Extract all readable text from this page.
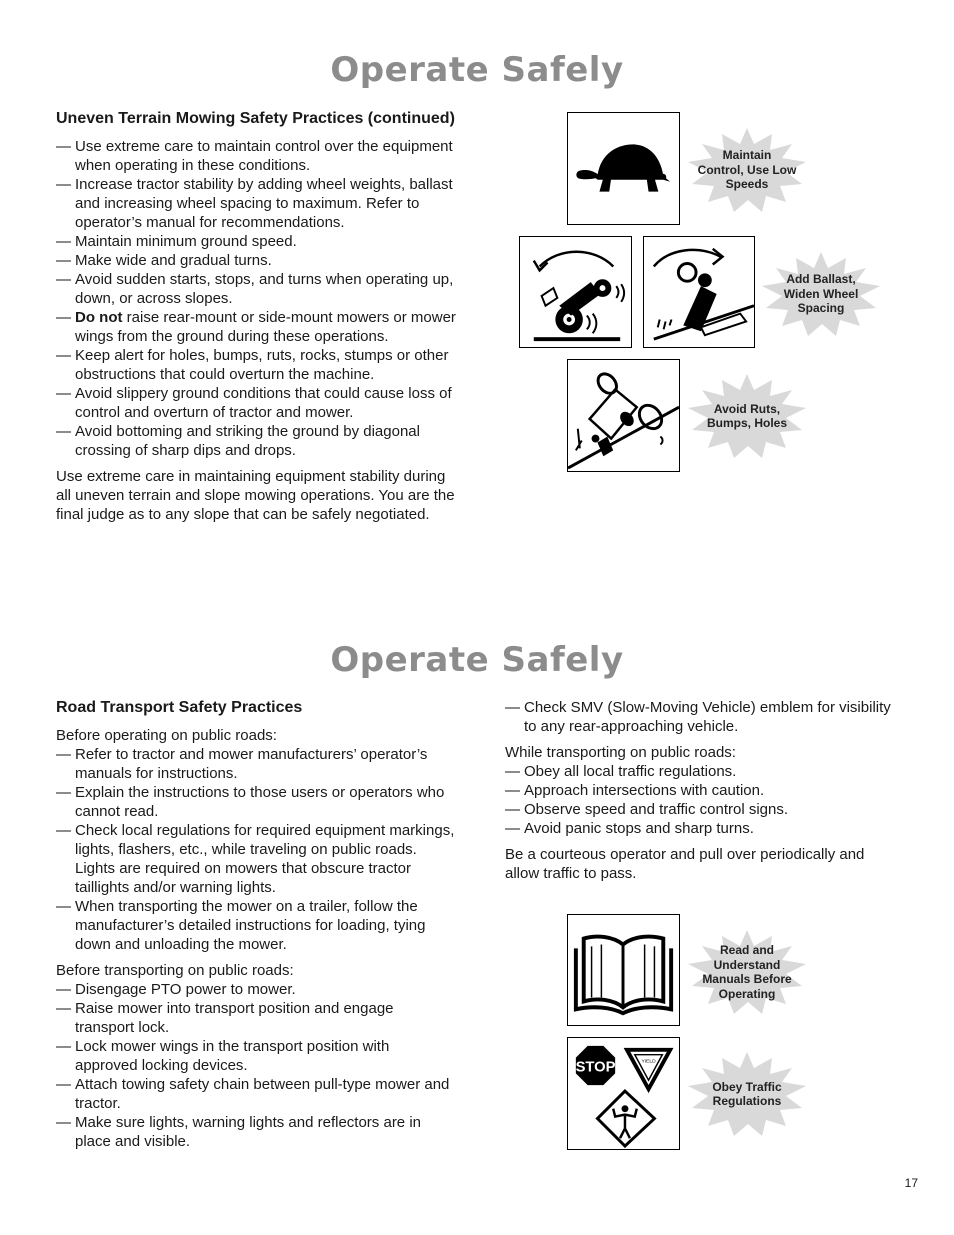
Operate Safely
Uneven Terrain Mowing Safety Practices (continued)
— Use extreme care to maintain control over the equipment when operating in these conditions.
— Increase tractor stability by adding wheel weights, ballast and increasing wheel spacing to maximum. Refer to operator’s manual for recommendations.
— Maintain minimum ground speed.
— Make wide and gradual turns.
— Avoid sudden starts, stops, and turns when operating up, down, or across slopes.
— Do not raise rear-mount or side-mount mowers or mower wings from the ground during these operations.
— Keep alert for holes, bumps, ruts, rocks, stumps or other obstructions that could overturn the machine.
— Avoid slippery ground conditions that could cause loss of control and overturn of tractor and mower.
— Avoid bottoming and striking the ground by diagonal crossing of sharp dips and drops.

Use extreme care in maintaining equipment stability during all uneven terrain and slope mowing operations. You are the final judge as to any slope that can be safely negotiated.

Maintain
Control, Use Low
Speeds
Add Ballast,
Widen Wheel
Spacing
Avoid Ruts,
Bumps, Holes
Operate Safely
Road Transport Safety Practices

Before operating on public roads:

— Refer to tractor and mower manufacturers’ operator’s manuals for instructions.
— Explain the instructions to those users or operators who cannot read.
— Check local regulations for required equipment markings, lights, flashers, etc., while traveling on public roads. Lights are required on mowers that obscure tractor taillights and/or warning lights.
— When transporting the mower on a trailer, follow the manufacturer’s detailed instructions for loading, tying down and unloading the mower.

Before transporting on public roads:

— Disengage PTO power to mower.
— Raise mower into transport position and engage transport lock.
— Lock mower wings in the transport position with approved locking devices.
— Attach towing safety chain between pull-type mower and tractor.
— Make sure lights, warning lights and reflectors are in place and visible.
— Check SMV (Slow-Moving Vehicle) emblem for visibility to any rear-approaching vehicle.

While transporting on public roads:

— Obey all local traffic regulations.
— Approach intersections with caution.
— Observe speed and traffic control signs.
— Avoid panic stops and sharp turns.

Be a courteous operator and pull over periodically and allow traffic to pass.

Read and
Understand
Manuals Before
Operating
STOP	YIELD
Obey Traffic
Regulations
17
